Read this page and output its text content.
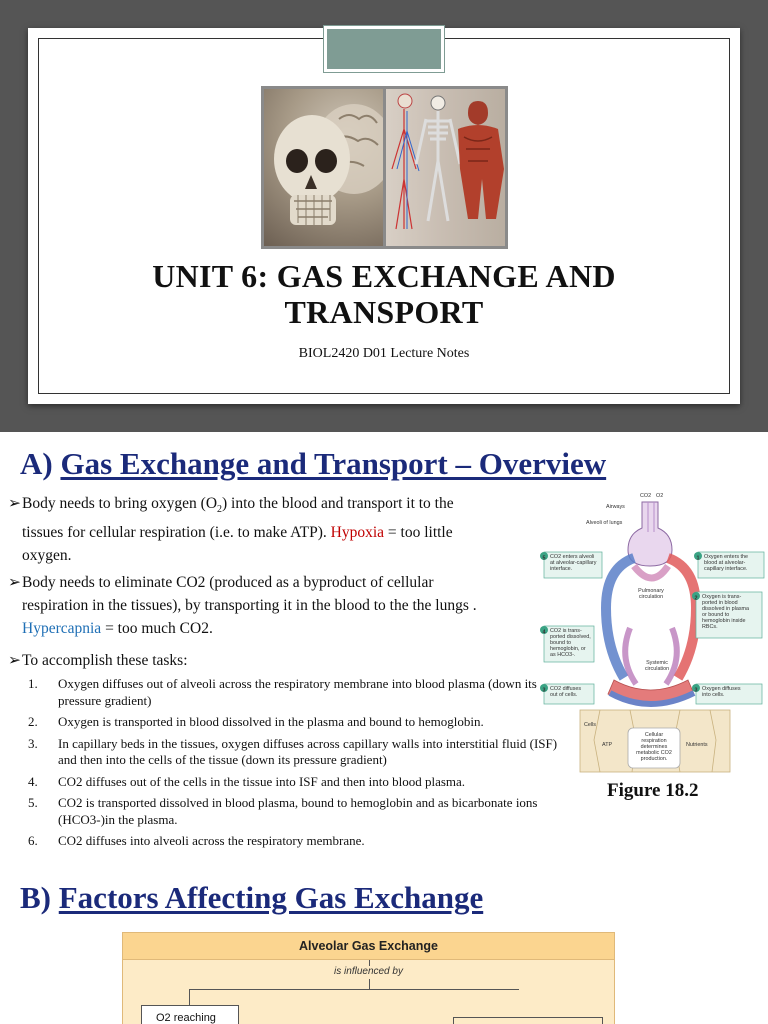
UNIT 6: GAS EXCHANGE AND
TRANSPORT
BIOL2420 D01 Lecture Notes
A) Gas Exchange and Transport – Overview
➢Body needs to bring oxygen $(O_2)$ into the blood and transport it to the
tissues for cellular respiration (i.e. to make ATP). Hypoxia = too little
oxygen.
➢Body needs to eliminate CO2 (produced as a byproduct of cellular
respiration in the tissues), by transporting it in the blood to the the lungs .
Hypercapnia = too much CO2.
➢To accomplish these tasks:
1.	Oxygen diffuses out of alveoli across the respiratory membrane into blood plasma (down its pressure gradient)
2.	Oxygen is transported in blood dissolved in the plasma and bound to hemoglobin.
3.	In capillary beds in the tissues, oxygen diffuses across capillary walls into interstitial fluid (ISF) and then into the cells of the tissue (down its pressure gradient)
4.	CO2 diffuses out of the cells in the tissue into ISF and then into blood plasma.
5.	CO2 is transported dissolved in blood plasma, bound to hemoglobin and as bicarbonate ions (HCO3-)in the plasma.
6.	CO2 diffuses into alveoli across the respiratory membrane.
CO2 O2
Airways
Alveoli of lungs
Pulmonary
circulation
Systemic
circulation
Cells
ATP	Nutrients
Cellular
respiration
determines
metabolic CO2
production.
5 CO2 enters alveoli
at alveolar-capillary
interface.
4 CO2 is trans-
ported dissolved,
bound to
hemoglobin, or
as HCO3-.
3 CO2 diffuses
out of cells.
1 Oxygen enters the
blood at alveolar-
capillary interface.
2 Oxygen is trans-
ported in blood
dissolved in plasma
or bound to
hemoglobin inside
RBCs.
3 Oxygen diffuses
into cells.
Figure 18.2
B) Factors Affecting Gas Exchange
Alveolar Gas Exchange
is influenced by
O2 reaching
